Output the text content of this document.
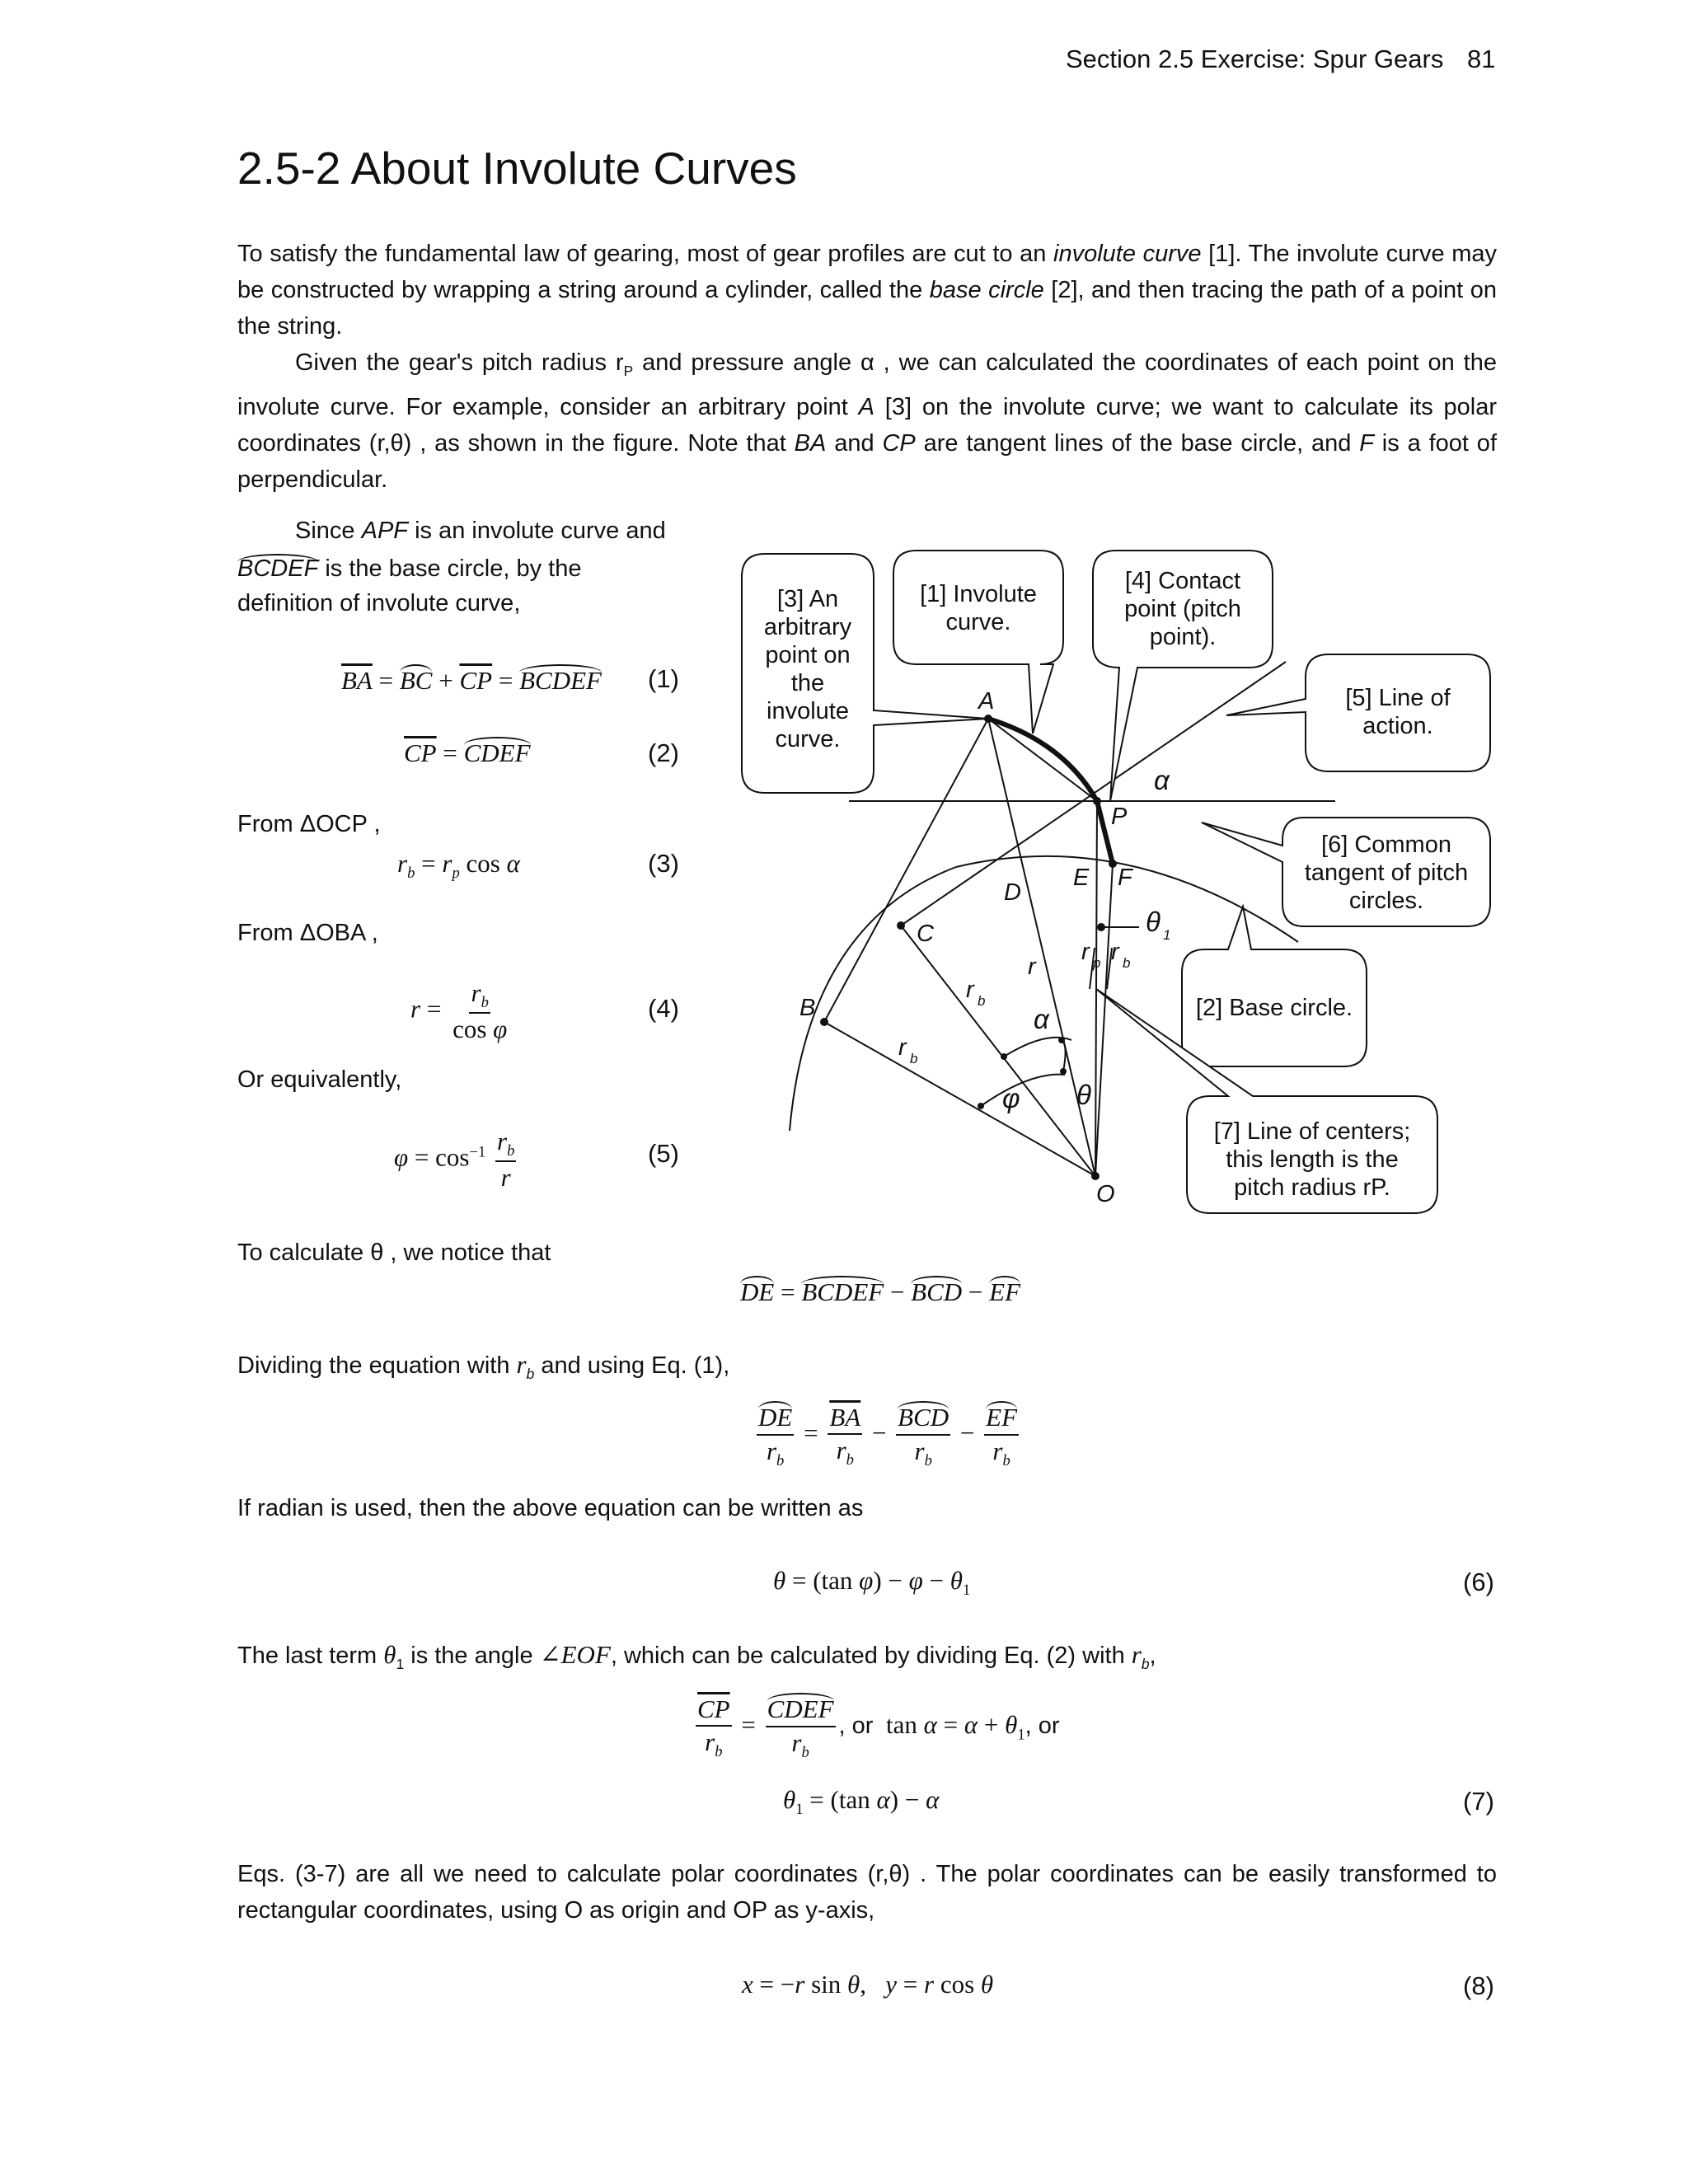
Section 2.5 Exercise: Spur Gears 81
2.5-2 About Involute Curves
To satisfy the fundamental law of gearing, most of gear profiles are cut to an involute curve [1]. The involute curve may be constructed by wrapping a string around a cylinder, called the base circle [2], and then tracing the path of a point on the string.
Given the gear's pitch radius $r_P$ and pressure angle α , we can calculated the coordinates of each point on the involute curve. For example, consider an arbitrary point A [3] on the involute curve; we want to calculate its polar coordinates (r,θ) , as shown in the figure. Note that BA and CP are tangent lines of the base circle, and F is a foot of perpendicular.
Since APF is an involute curve and
BCDEF is the base circle, by the
definition of involute curve,
$\overline{BA}$ = BC + $\overline{CP}$ = BCDEF (1)
$\overline{CP}$ = CDEF	(2)
From ΔOCP ,
$r_b = r_p$ cos α	(3)
From ΔOBA ,
$r = \frac{r_b}{\text{cos φ}}$	(4)
Or equivalently,
$\varphi = \cos^{-1} \frac{r_b}{r}$	(5)
To calculate θ , we notice that
DE = BCDEF − BCD − EF
Dividing the equation with $r_b$ and using Eq. (1),
$\frac{DE}{r_b} = \frac{\overline{BA}}{r_b} - \frac{\text{BCD}}{r_b} - \frac{EF}{r_b}$
If radian is used, then the above equation can be written as
θ = (tan $\varphi) - \varphi - \theta_1$	(6)
The last term $\theta_1$ is the angle ∠EOF, which can be calculated by dividing Eq. (2) with $r_b$,
$\frac{\overline{CP}}{r_b} = \frac{\text{CDEF}}{r_b}$ , or  $\tan \alpha = \alpha + \theta_1$, or
$\theta_1 = (\tan$ α) − α	(7)
Eqs. (3-7) are all we need to calculate polar coordinates (r,θ) . The polar coordinates can be easily transformed to rectangular coordinates, using O as origin and OP as y-axis,
x = −r sin θ,   y = r cos θ	(8)
A
B
C
D
E F
P
O
r
r r
r
r
α
α
φ θ
θ
p b
b
b
1
[3] An
arbitrary
point on
the
involute
curve.
[1] Involute
curve.
[4] Contact
point (pitch
point).
[5] Line of
action.
[6] Common
tangent of pitch
circles.
[2] Base circle.
[7] Line of centers;
this length is the
pitch radius rP.
